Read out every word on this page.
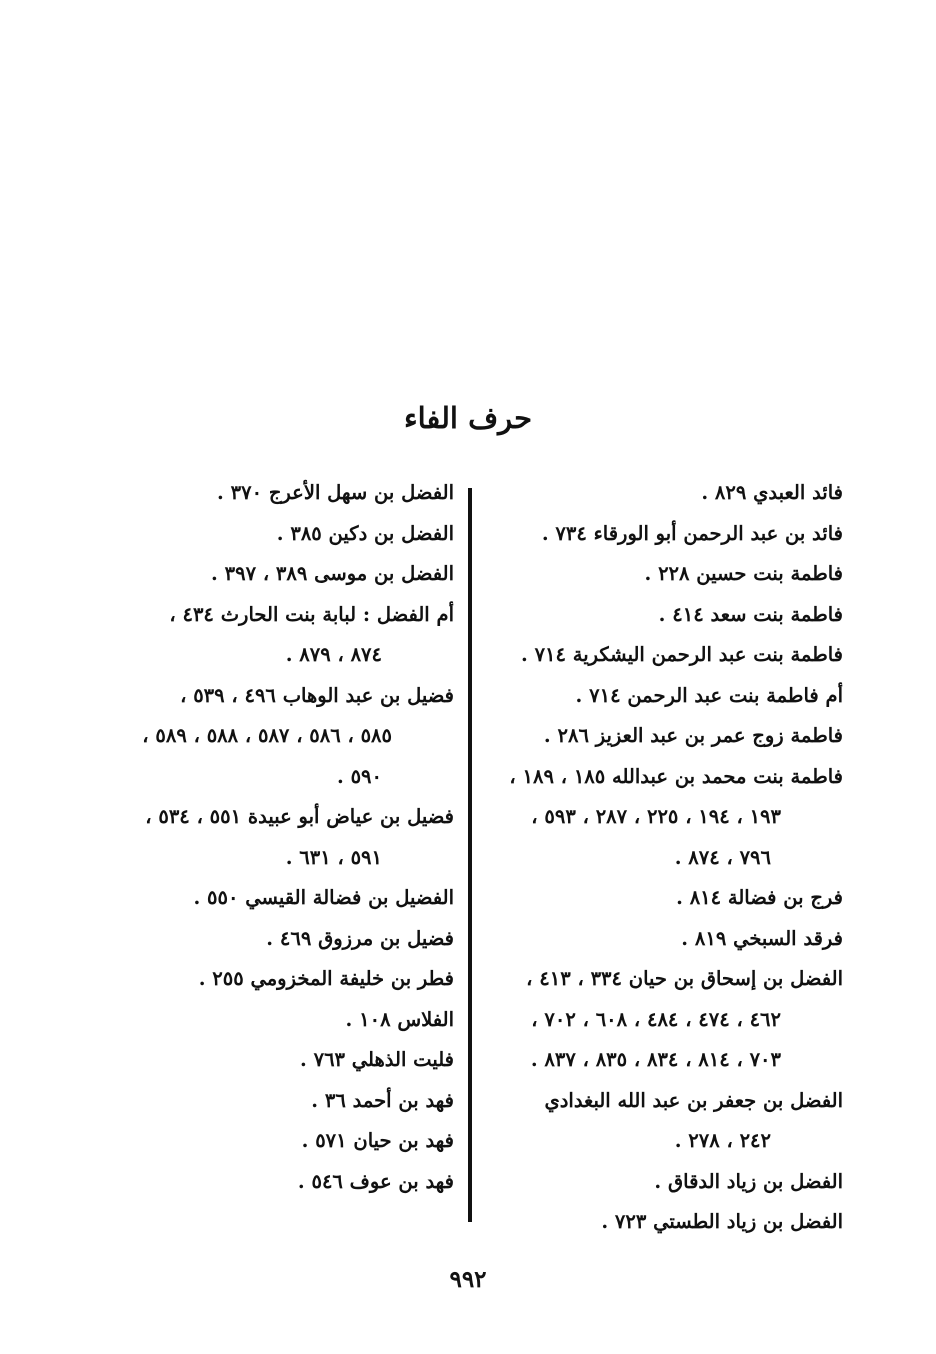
حرف الفاء
فائد العبدي ٨٢٩ .
فائد بن عبد الرحمن أبو الورقاء ٧٣٤ .
فاطمة بنت حسين ٢٢٨ .
فاطمة بنت سعد ٤١٤ .
فاطمة بنت عبد الرحمن اليشكرية ٧١٤ .
أم فاطمة بنت عبد الرحمن ٧١٤ .
فاطمة زوج عمر بن عبد العزيز ٢٨٦ .
فاطمة بنت محمد بن عبدالله ١٨٥ ، ١٨٩ ،
١٩٣ ، ١٩٤ ، ٢٢٥ ، ٢٨٧ ، ٥٩٣ ،
٧٩٦ ، ٨٧٤ .
فرج بن فضالة ٨١٤ .
فرقد السبخي ٨١٩ .
الفضل بن إسحاق بن حيان ٣٣٤ ، ٤١٣ ،
٤٦٢ ، ٤٧٤ ، ٤٨٤ ، ٦٠٨ ، ٧٠٢ ،
٧٠٣ ، ٨١٤ ، ٨٣٤ ، ٨٣٥ ، ٨٣٧ .
الفضل بن جعفر بن عبد الله البغدادي
٢٤٢ ، ٢٧٨ .
الفضل بن زياد الدقاق .
الفضل بن زياد الطستي ٧٢٣ .
الفضل بن سهل الأعرج ٣٧٠ .
الفضل بن دكين ٣٨٥ .
الفضل بن موسى ٣٨٩ ، ٣٩٧ .
أم الفضل : لبابة بنت الحارث ٤٣٤ ،
٨٧٤ ، ٨٧٩ .
فضيل بن عبد الوهاب ٤٩٦ ، ٥٣٩ ،
٥٨٥ ، ٥٨٦ ، ٥٨٧ ، ٥٨٨ ، ٥٨٩ ،
٥٩٠ .
فضيل بن عياض أبو عبيدة ٥٥١ ، ٥٣٤ ،
٥٩١ ، ٦٣١ .
الفضيل بن فضالة القيسي ٥٥٠ .
فضيل بن مرزوق ٤٦٩ .
فطر بن خليفة المخزومي ٢٥٥ .
الفلاس ١٠٨ .
فليت الذهلي ٧٦٣ .
فهد بن أحمد ٣٦ .
فهد بن حيان ٥٧١ .
فهد بن عوف ٥٤٦ .
٩٩٢
